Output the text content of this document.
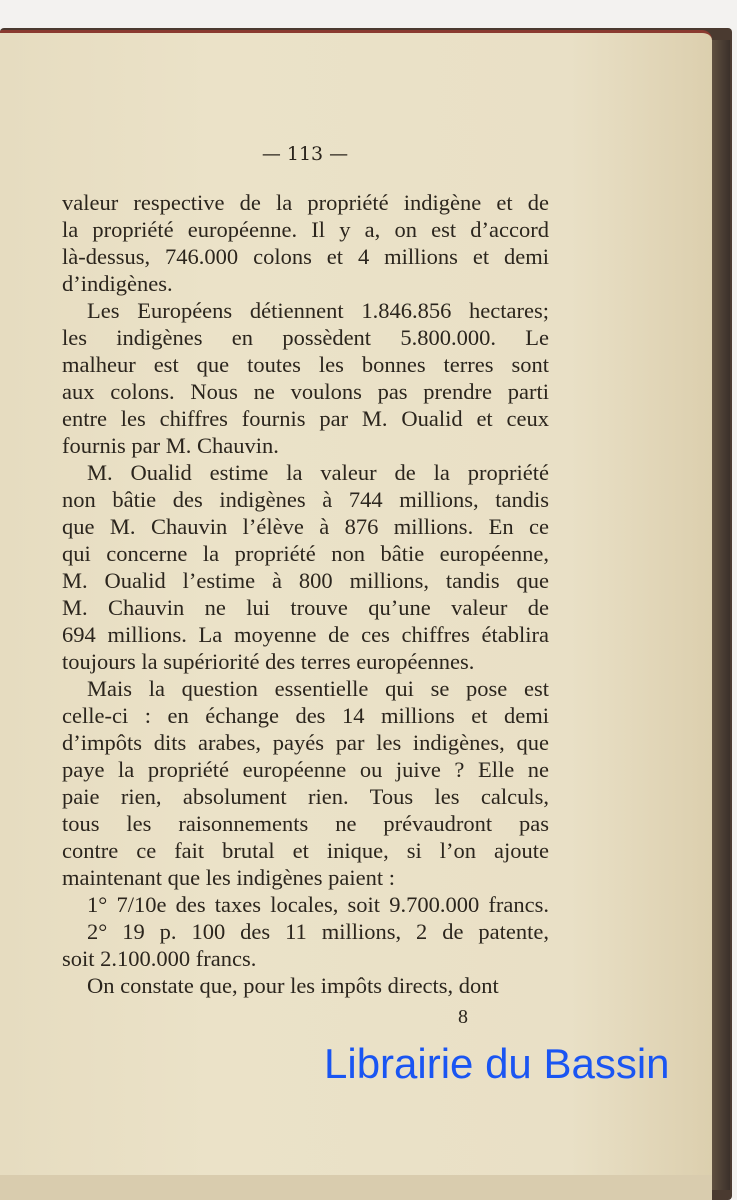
— 113 —
valeur respective de la propriété indigène et de
la propriété européenne. Il y a, on est d’accord
là-dessus, 746.000 colons et 4 millions et demi
d’indigènes.
Les Européens détiennent 1.846.856 hectares;
les indigènes en possèdent 5.800.000. Le
malheur est que toutes les bonnes terres sont
aux colons. Nous ne voulons pas prendre parti
entre les chiffres fournis par M. Oualid et ceux
fournis par M. Chauvin.
M. Oualid estime la valeur de la propriété
non bâtie des indigènes à 744 millions, tandis
que M. Chauvin l’élève à 876 millions. En ce
qui concerne la propriété non bâtie européenne,
M. Oualid l’estime à 800 millions, tandis que
M. Chauvin ne lui trouve qu’une valeur de
694 millions. La moyenne de ces chiffres établira
toujours la supériorité des terres européennes.
Mais la question essentielle qui se pose est
celle-ci : en échange des 14 millions et demi
d’impôts dits arabes, payés par les indigènes, que
paye la propriété européenne ou juive ? Elle ne
paie rien, absolument rien. Tous les calculs,
tous les raisonnements ne prévaudront pas
contre ce fait brutal et inique, si l’on ajoute
maintenant que les indigènes paient :
1° 7/10e des taxes locales, soit 9.700.000 francs.
2° 19 p. 100 des 11 millions, 2 de patente,
soit 2.100.000 francs.
On constate que, pour les impôts directs, dont
8
Librairie du Bassin
